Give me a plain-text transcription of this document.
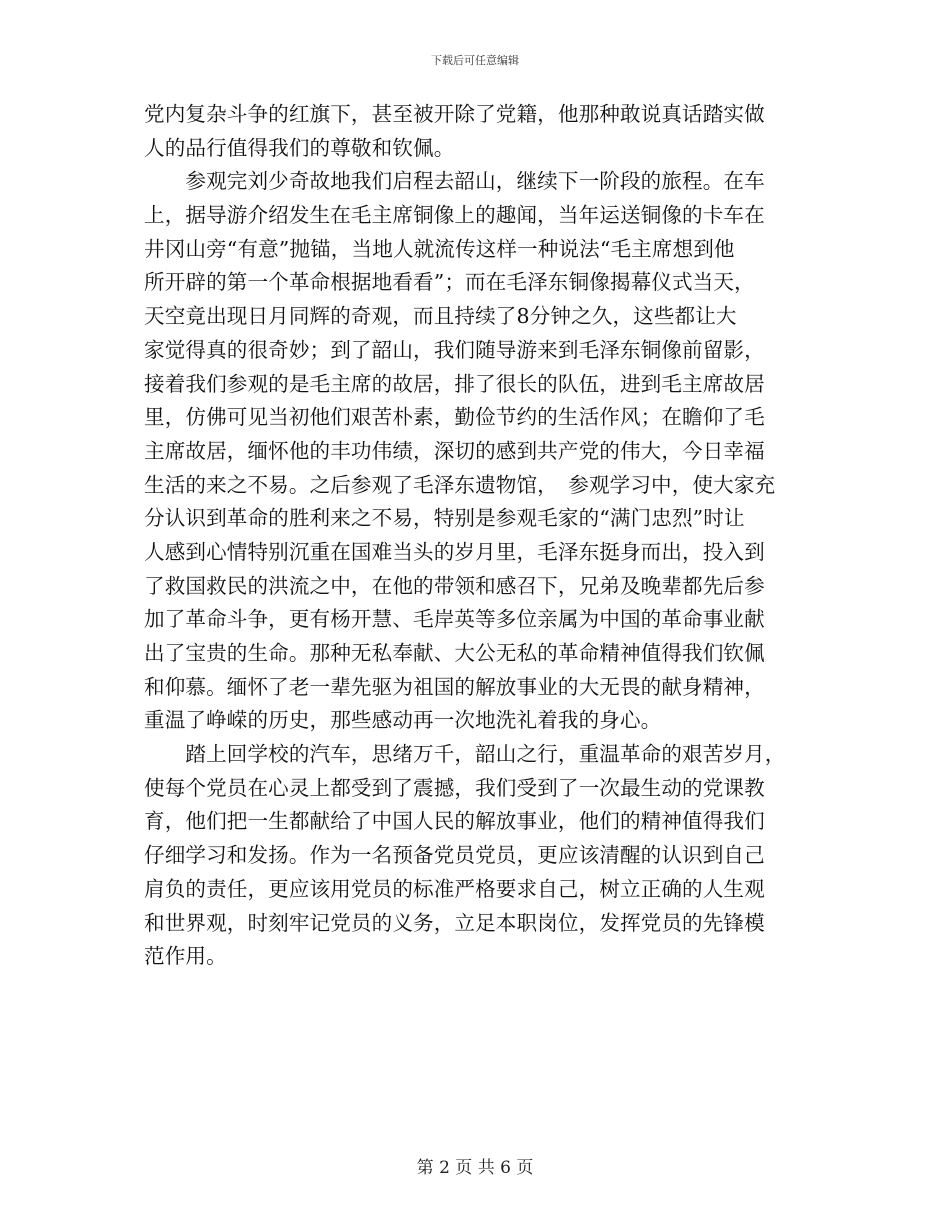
下载后可任意编辑
党内复杂斗争的红旗下，甚至被开除了党籍，他那种敢说真话踏实做
人的品行值得我们的尊敬和钦佩。
　　参观完刘少奇故地我们启程去韶山，继续下一阶段的旅程。在车
上，据导游介绍发生在毛主席铜像上的趣闻，当年运送铜像的卡车在
井冈山旁“有意”抛锚，当地人就流传这样一种说法“毛主席想到他
所开辟的第一个革命根据地看看”；而在毛泽东铜像揭幕仪式当天，
天空竟出现日月同辉的奇观，而且持续了8分钟之久，这些都让大
家觉得真的很奇妙；到了韶山，我们随导游来到毛泽东铜像前留影，
接着我们参观的是毛主席的故居，排了很长的队伍，进到毛主席故居
里，仿佛可见当初他们艰苦朴素，勤俭节约的生活作风；在瞻仰了毛
主席故居，缅怀他的丰功伟绩，深切的感到共产党的伟大，今日幸福
生活的来之不易。之后参观了毛泽东遗物馆，　参观学习中，使大家充
分认识到革命的胜利来之不易，特别是参观毛家的“满门忠烈”时让
人感到心情特别沉重在国难当头的岁月里，毛泽东挺身而出，投入到
了救国救民的洪流之中，在他的带领和感召下，兄弟及晚辈都先后参
加了革命斗争，更有杨开慧、毛岸英等多位亲属为中国的革命事业献
出了宝贵的生命。那种无私奉献、大公无私的革命精神值得我们钦佩
和仰慕。缅怀了老一辈先驱为祖国的解放事业的大无畏的献身精神，
重温了峥嵘的历史，那些感动再一次地洗礼着我的身心。
　　踏上回学校的汽车，思绪万千，韶山之行，重温革命的艰苦岁月，
使每个党员在心灵上都受到了震撼，我们受到了一次最生动的党课教
育，他们把一生都献给了中国人民的解放事业，他们的精神值得我们
仔细学习和发扬。作为一名预备党员党员，更应该清醒的认识到自己
肩负的责任，更应该用党员的标准严格要求自己，树立正确的人生观
和世界观，时刻牢记党员的义务，立足本职岗位，发挥党员的先锋模
范作用。
第 2 页 共 6 页
